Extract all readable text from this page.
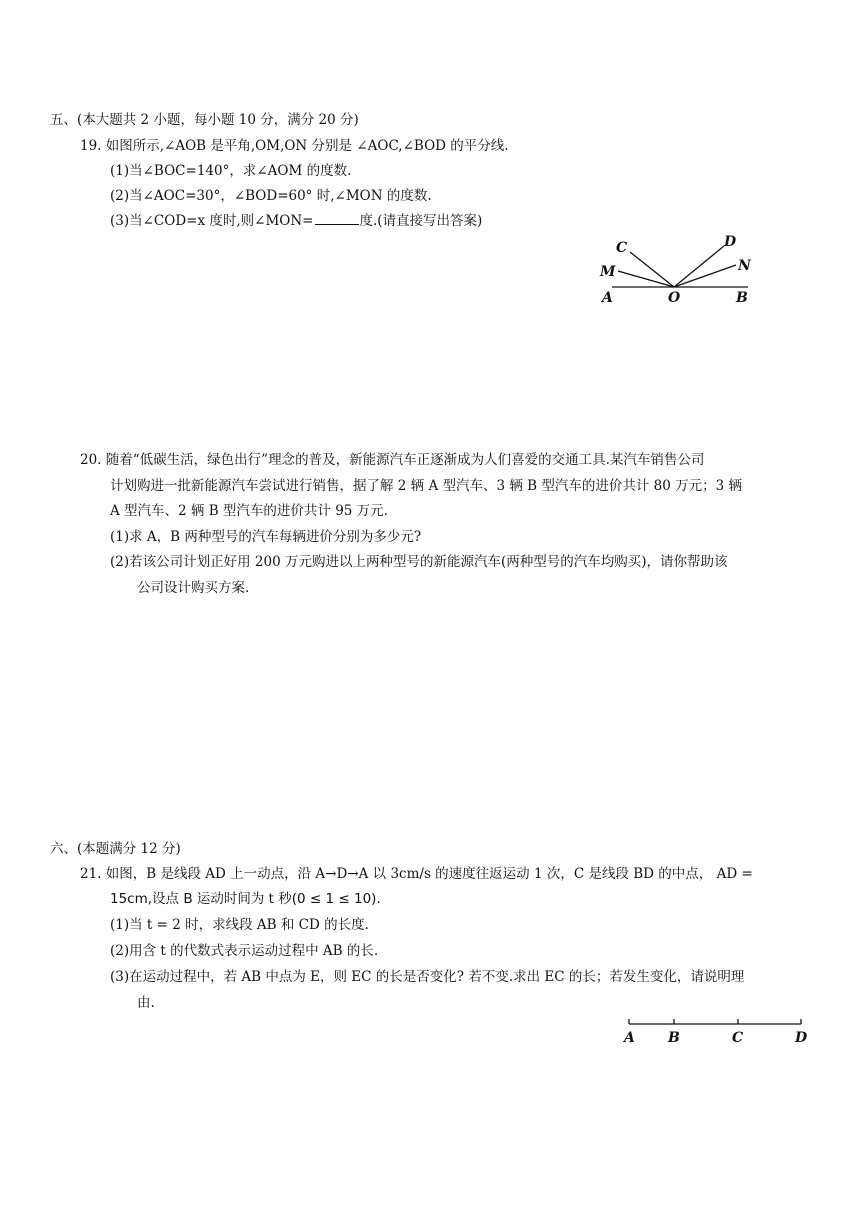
五、(本大题共 2 小题，每小题 10 分，满分 20 分)
19. 如图所示,∠AOB 是平角,OM,ON 分别是 ∠AOC,∠BOD 的平分线.
(1)当∠BOC=140°，求∠AOM 的度数.
(2)当∠AOC=30°，∠BOD=60° 时,∠MON 的度数.
(3)当∠COD=x 度时,则∠MON=	度.(请直接写出答案)
A	O	B
C
M
D
N
20. 随着“低碳生活，绿色出行”理念的普及，新能源汽车正逐渐成为人们喜爱的交通工具.某汽车销售公司
计划购进一批新能源汽车尝试进行销售，据了解 2 辆 A 型汽车、3 辆 B 型汽车的进价共计 80 万元；3 辆
A 型汽车、2 辆 B 型汽车的进价共计 95 万元.
(1)求 A，B 两种型号的汽车每辆进价分别为多少元?
(2)若该公司计划正好用 200 万元购进以上两种型号的新能源汽车(两种型号的汽车均购买)，请你帮助该
公司设计购买方案.
六、(本题满分 12 分)
21. 如图，B 是线段 AD 上一动点，沿 A→D→A 以 3cm/s 的速度往返运动 1 次，C 是线段 BD 的中点， AD =
15cm,设点 B 运动时间为 t 秒(0 ≤ 1 ≤ 10).
(1)当 t = 2 时，求线段 AB 和 CD 的长度.
(2)用含 t 的代数式表示运动过程中 AB 的长.
(3)在运动过程中，若 AB 中点为 E，则 EC 的长是否变化? 若不变.求出 EC 的长；若发生变化，请说明理
由.
A B	C	D
